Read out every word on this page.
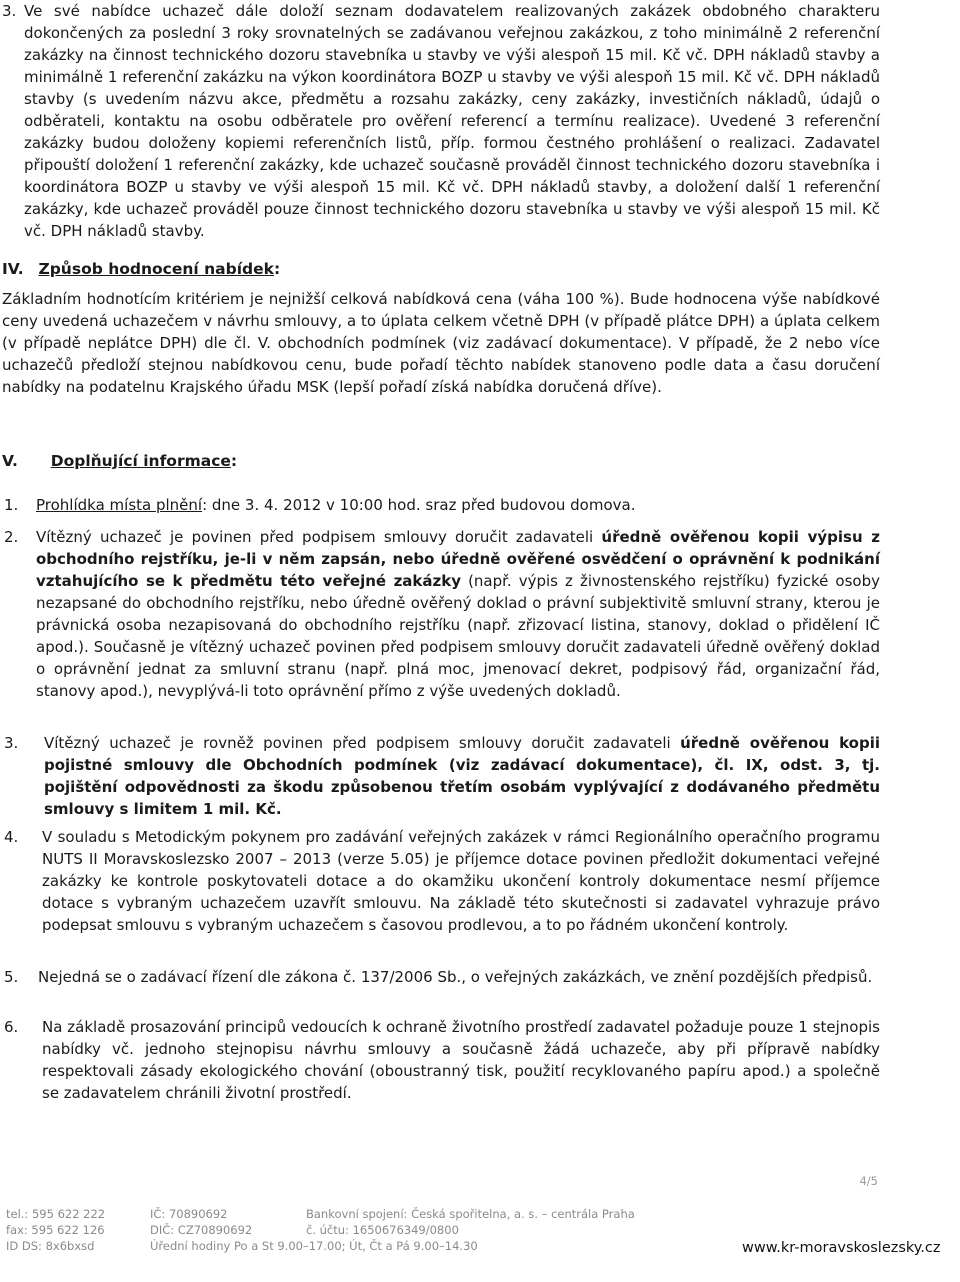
3. Ve své nabídce uchazeč dále doloží seznam dodavatelem realizovaných zakázek obdobného charakteru dokončených za poslední 3 roky srovnatelných se zadávanou veřejnou zakázkou, z toho minimálně 2 referenční zakázky na činnost technického dozoru stavebníka u stavby ve výši alespoň 15 mil. Kč vč. DPH nákladů stavby a minimálně 1 referenční zakázku na výkon koordinátora BOZP u stavby ve výši alespoň 15 mil. Kč vč. DPH nákladů stavby (s uvedením názvu akce, předmětu a rozsahu zakázky, ceny zakázky, investičních nákladů, údajů o odběrateli, kontaktu na osobu odběratele pro ověření referencí a termínu realizace). Uvedené 3 referenční zakázky budou doloženy kopiemi referenčních listů, příp. formou čestného prohlášení o realizaci. Zadavatel připouští doložení 1 referenční zakázky, kde uchazeč současně prováděl činnost technického dozoru stavebníka i koordinátora BOZP u stavby ve výši alespoň 15 mil. Kč vč. DPH nákladů stavby, a doložení další 1 referenční zakázky, kde uchazeč prováděl pouze činnost technického dozoru stavebníka u stavby ve výši alespoň 15 mil. Kč vč. DPH nákladů stavby.
IV. Způsob hodnocení nabídek:
Základním hodnotícím kritériem je nejnižší celková nabídková cena (váha 100 %). Bude hodnocena výše nabídkové ceny uvedená uchazečem v návrhu smlouvy, a to úplata celkem včetně DPH (v případě plátce DPH) a úplata celkem (v případě neplátce DPH) dle čl. V. obchodních podmínek (viz zadávací dokumentace). V případě, že 2 nebo více uchazečů předloží stejnou nabídkovou cenu, bude pořadí těchto nabídek stanoveno podle data a času doručení nabídky na podatelnu Krajského úřadu MSK (lepší pořadí získá nabídka doručená dříve).
V. Doplňující informace:
1.	Prohlídka místa plnění: dne 3. 4. 2012 v 10:00 hod. sraz před budovou domova.
2.	Vítězný uchazeč je povinen před podpisem smlouvy doručit zadavateli úředně ověřenou kopii výpisu z obchodního rejstříku, je-li v něm zapsán, nebo úředně ověřené osvědčení o oprávnění k podnikání vztahujícího se k předmětu této veřejné zakázky (např. výpis z živnostenského rejstříku) fyzické osoby nezapsané do obchodního rejstříku, nebo úředně ověřený doklad o právní subjektivitě smluvní strany, kterou je právnická osoba nezapisovaná do obchodního rejstříku (např. zřizovací listina, stanovy, doklad o přidělení IČ apod.). Současně je vítězný uchazeč povinen před podpisem smlouvy doručit zadavateli úředně ověřený doklad o oprávnění jednat za smluvní stranu (např. plná moc, jmenovací dekret, podpisový řád, organizační řád, stanovy apod.), nevyplývá-li toto oprávnění přímo z výše uvedených dokladů.
3.	Vítězný uchazeč je rovněž povinen před podpisem smlouvy doručit zadavateli úředně ověřenou kopii pojistné smlouvy dle Obchodních podmínek (viz zadávací dokumentace), čl. IX, odst. 3, tj. pojištění odpovědnosti za škodu způsobenou třetím osobám vyplývající z dodávaného předmětu smlouvy s limitem 1 mil. Kč.
4.	V souladu s Metodickým pokynem pro zadávání veřejných zakázek v rámci Regionálního operačního programu NUTS II Moravskoslezsko 2007 – 2013 (verze 5.05) je příjemce dotace povinen předložit dokumentaci veřejné zakázky ke kontrole poskytovateli dotace a do okamžiku ukončení kontroly dokumentace nesmí příjemce dotace s vybraným uchazečem uzavřít smlouvu. Na základě této skutečnosti si zadavatel vyhrazuje právo podepsat smlouvu s vybraným uchazečem s časovou prodlevou, a to po řádném ukončení kontroly.
5.	Nejedná se o zadávací řízení dle zákona č. 137/2006 Sb., o veřejných zakázkách, ve znění pozdějších předpisů.
6.	Na základě prosazování principů vedoucích k ochraně životního prostředí zadavatel požaduje pouze 1 stejnopis nabídky vč. jednoho stejnopisu návrhu smlouvy a současně žádá uchazeče, aby při přípravě nabídky respektovali zásady ekologického chování (oboustranný tisk, použití recyklovaného papíru apod.) a společně se zadavatelem chránili životní prostředí.
4/5
tel.: 595 622 222
fax: 595 622 126
ID DS: 8x6bxsd
IČ: 70890692
DIČ: CZ70890692
Úřední hodiny Po a St 9.00–17.00; Út, Čt a Pá 9.00–14.30
Bankovní spojení: Česká spořitelna, a. s. – centrála Praha
č. účtu: 1650676349/0800
www.kr-moravskoslezsky.cz
